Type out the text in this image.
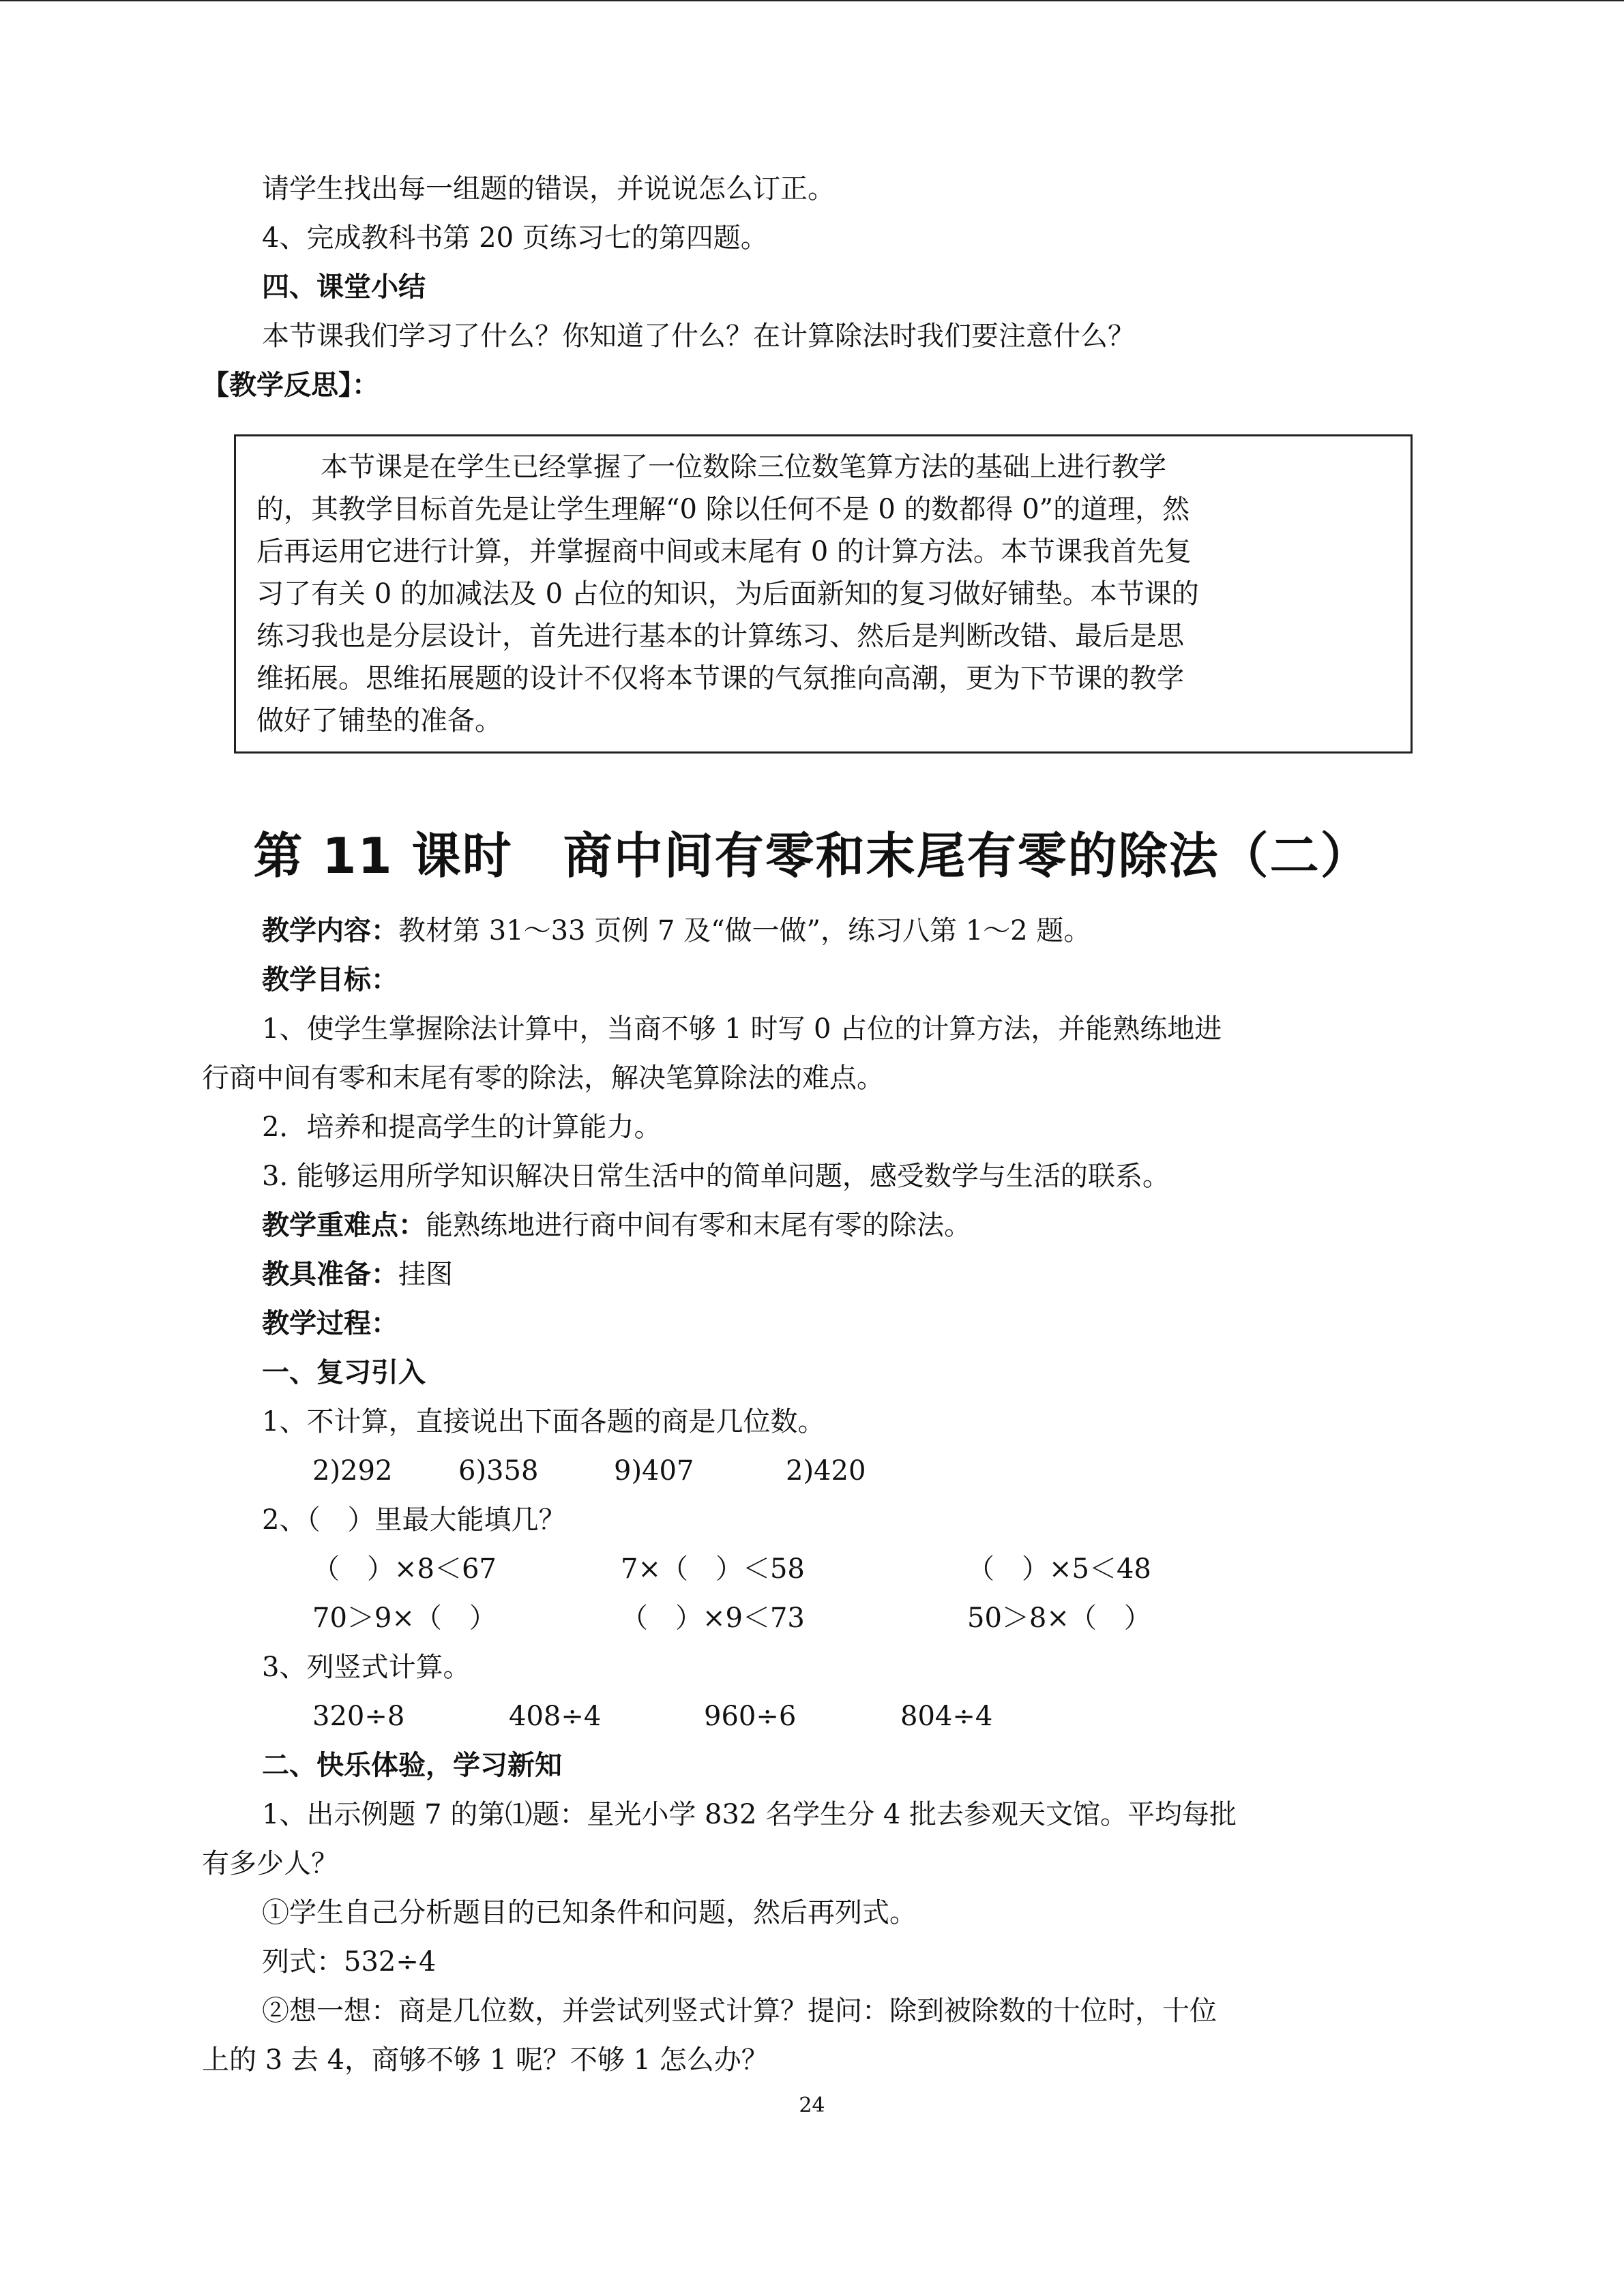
请学生找出每一组题的错误，并说说怎么订正。
4、完成教科书第 20 页练习七的第四题。
四、课堂小结
本节课我们学习了什么？你知道了什么？在计算除法时我们要注意什么？
【教学反思】：
本节课是在学生已经掌握了一位数除三位数笔算方法的基础上进行教学
的，其教学目标首先是让学生理解“0 除以任何不是 0 的数都得 0”的道理，然
后再运用它进行计算，并掌握商中间或末尾有 0 的计算方法。本节课我首先复
习了有关 0 的加减法及 0 占位的知识，为后面新知的复习做好铺垫。本节课的
练习我也是分层设计，首先进行基本的计算练习、然后是判断改错、最后是思
维拓展。思维拓展题的设计不仅将本节课的气氛推向高潮，更为下节课的教学
做好了铺垫的准备。
第 11 课时　商中间有零和末尾有零的除法（二）
教学内容：教材第 31～33 页例 7 及“做一做”，练习八第 1～2 题。
教学目标：
1、使学生掌握除法计算中，当商不够 1 时写 0 占位的计算方法，并能熟练地进
行商中间有零和末尾有零的除法，解决笔算除法的难点。
2．培养和提高学生的计算能力。
3. 能够运用所学知识解决日常生活中的简单问题，感受数学与生活的联系。
教学重难点：能熟练地进行商中间有零和末尾有零的除法。
教具准备：挂图
教学过程：
一、复习引入
1、不计算，直接说出下面各题的商是几位数。
2)292 6)358	9)407	2)420
2、（　）里最大能填几？
（　）×8＜67	7×（　）＜58	（　）×5＜48
70＞9×（　）	（　）×9＜73	50＞8×（　）
3、列竖式计算。
320÷8	408÷4	960÷6	804÷4
二、快乐体验，学习新知
1、出示例题 7 的第⑴题：星光小学 832 名学生分 4 批去参观天文馆。平均每批
有多少人？
①学生自己分析题目的已知条件和问题，然后再列式。
列式：532÷4
②想一想：商是几位数，并尝试列竖式计算？提问：除到被除数的十位时，十位
上的 3 去 4，商够不够 1 呢？不够 1 怎么办？
24
